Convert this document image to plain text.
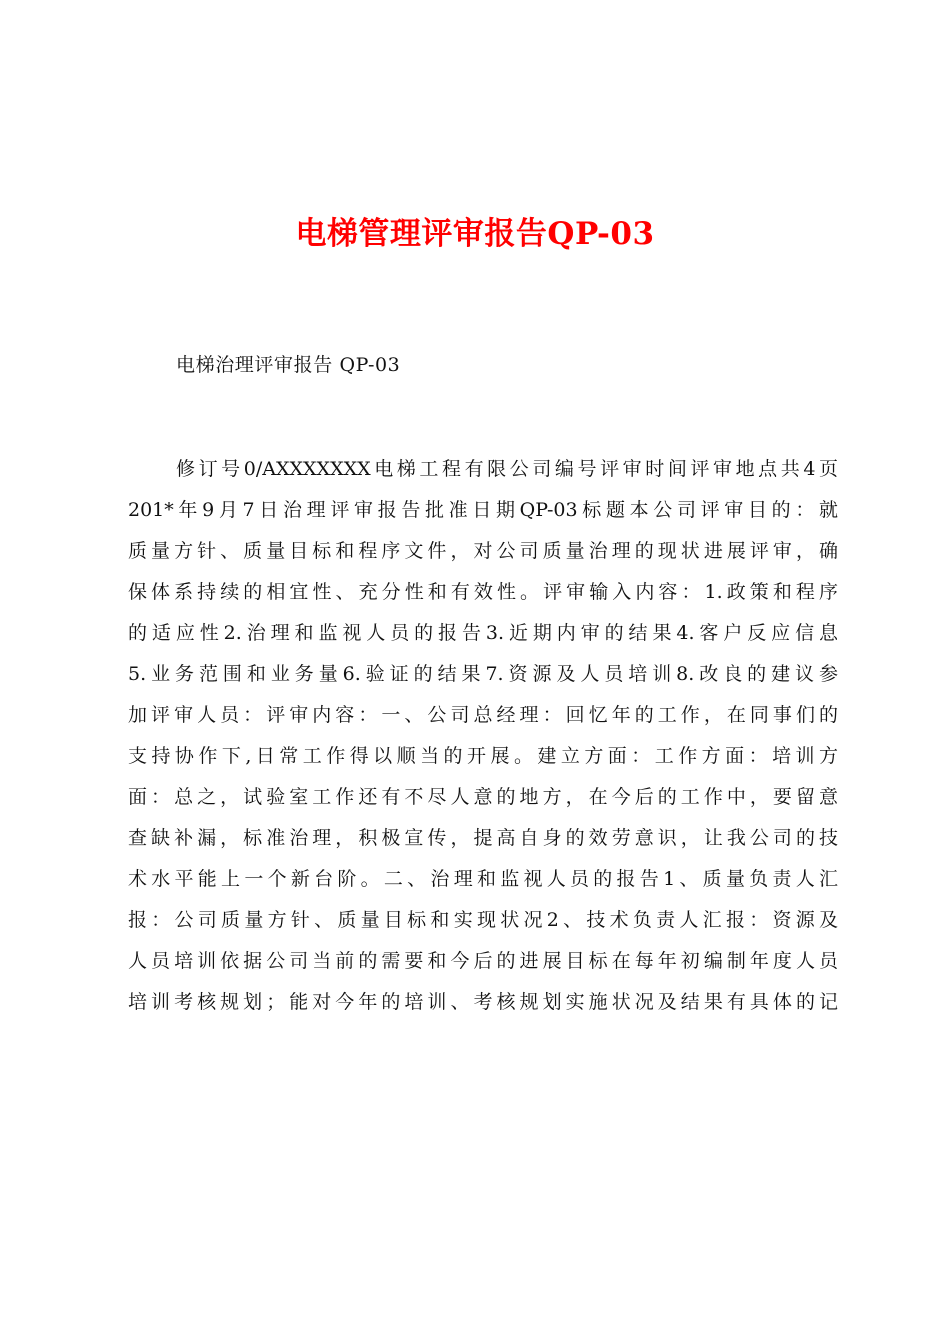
电梯管理评审报告QP-03

电梯治理评审报告 QP-03

修订号0/AXXXXXXX电梯工程有限公司编号评审时间评审地点共4页
201*年9月7日治理评审报告批准日期QP-03标题本公司评审目的：就
质量方针、质量目标和程序文件，对公司质量治理的现状进展评审，确
保体系持续的相宜性、充分性和有效性。评审输入内容：1.政策和程序
的适应性2.治理和监视人员的报告3.近期内审的结果4.客户反应信息
5.业务范围和业务量6.验证的结果7.资源及人员培训8.改良的建议参
加评审人员：评审内容：一、公司总经理：回忆年的工作，在同事们的
支持协作下,日常工作得以顺当的开展。建立方面：工作方面：培训方
面：总之，试验室工作还有不尽人意的地方，在今后的工作中，要留意
查缺补漏，标准治理，积极宣传，提高自身的效劳意识，让我公司的技
术水平能上一个新台阶。二、治理和监视人员的报告1、质量负责人汇
报：公司质量方针、质量目标和实现状况2、技术负责人汇报：资源及
人员培训依据公司当前的需要和今后的进展目标在每年初编制年度人员
培训考核规划；能对今年的培训、考核规划实施状况及结果有具体的记
